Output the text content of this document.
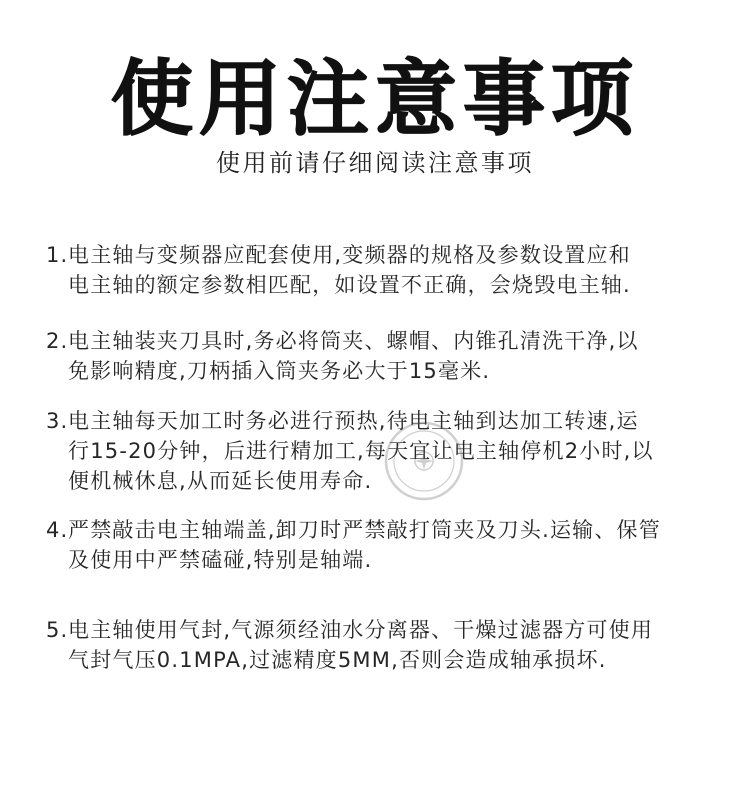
使用注意事项
使用前请仔细阅读注意事项
1. 电主轴与变频器应配套使用,变频器的规格及参数设置应和
电主轴的额定参数相匹配，如设置不正确，会烧毁电主轴.
2. 电主轴装夹刀具时,务必将筒夹、螺帽、内锥孔清洗干净,以
免影响精度,刀柄插入筒夹务必大于15毫米.
3. 电主轴每天加工时务必进行预热,待电主轴到达加工转速,运
行15-20分钟，后进行精加工,每天宜让电主轴停机2小时,以
便机械休息,从而延长使用寿命.
4. 严禁敲击电主轴端盖,卸刀时严禁敲打筒夹及刀头.运输、保管
及使用中严禁磕碰,特别是轴端.
5. 电主轴使用气封,气源须经油水分离器、干燥过滤器方可使用
气封气压0.1MPA,过滤精度5MM,否则会造成轴承损坏.
